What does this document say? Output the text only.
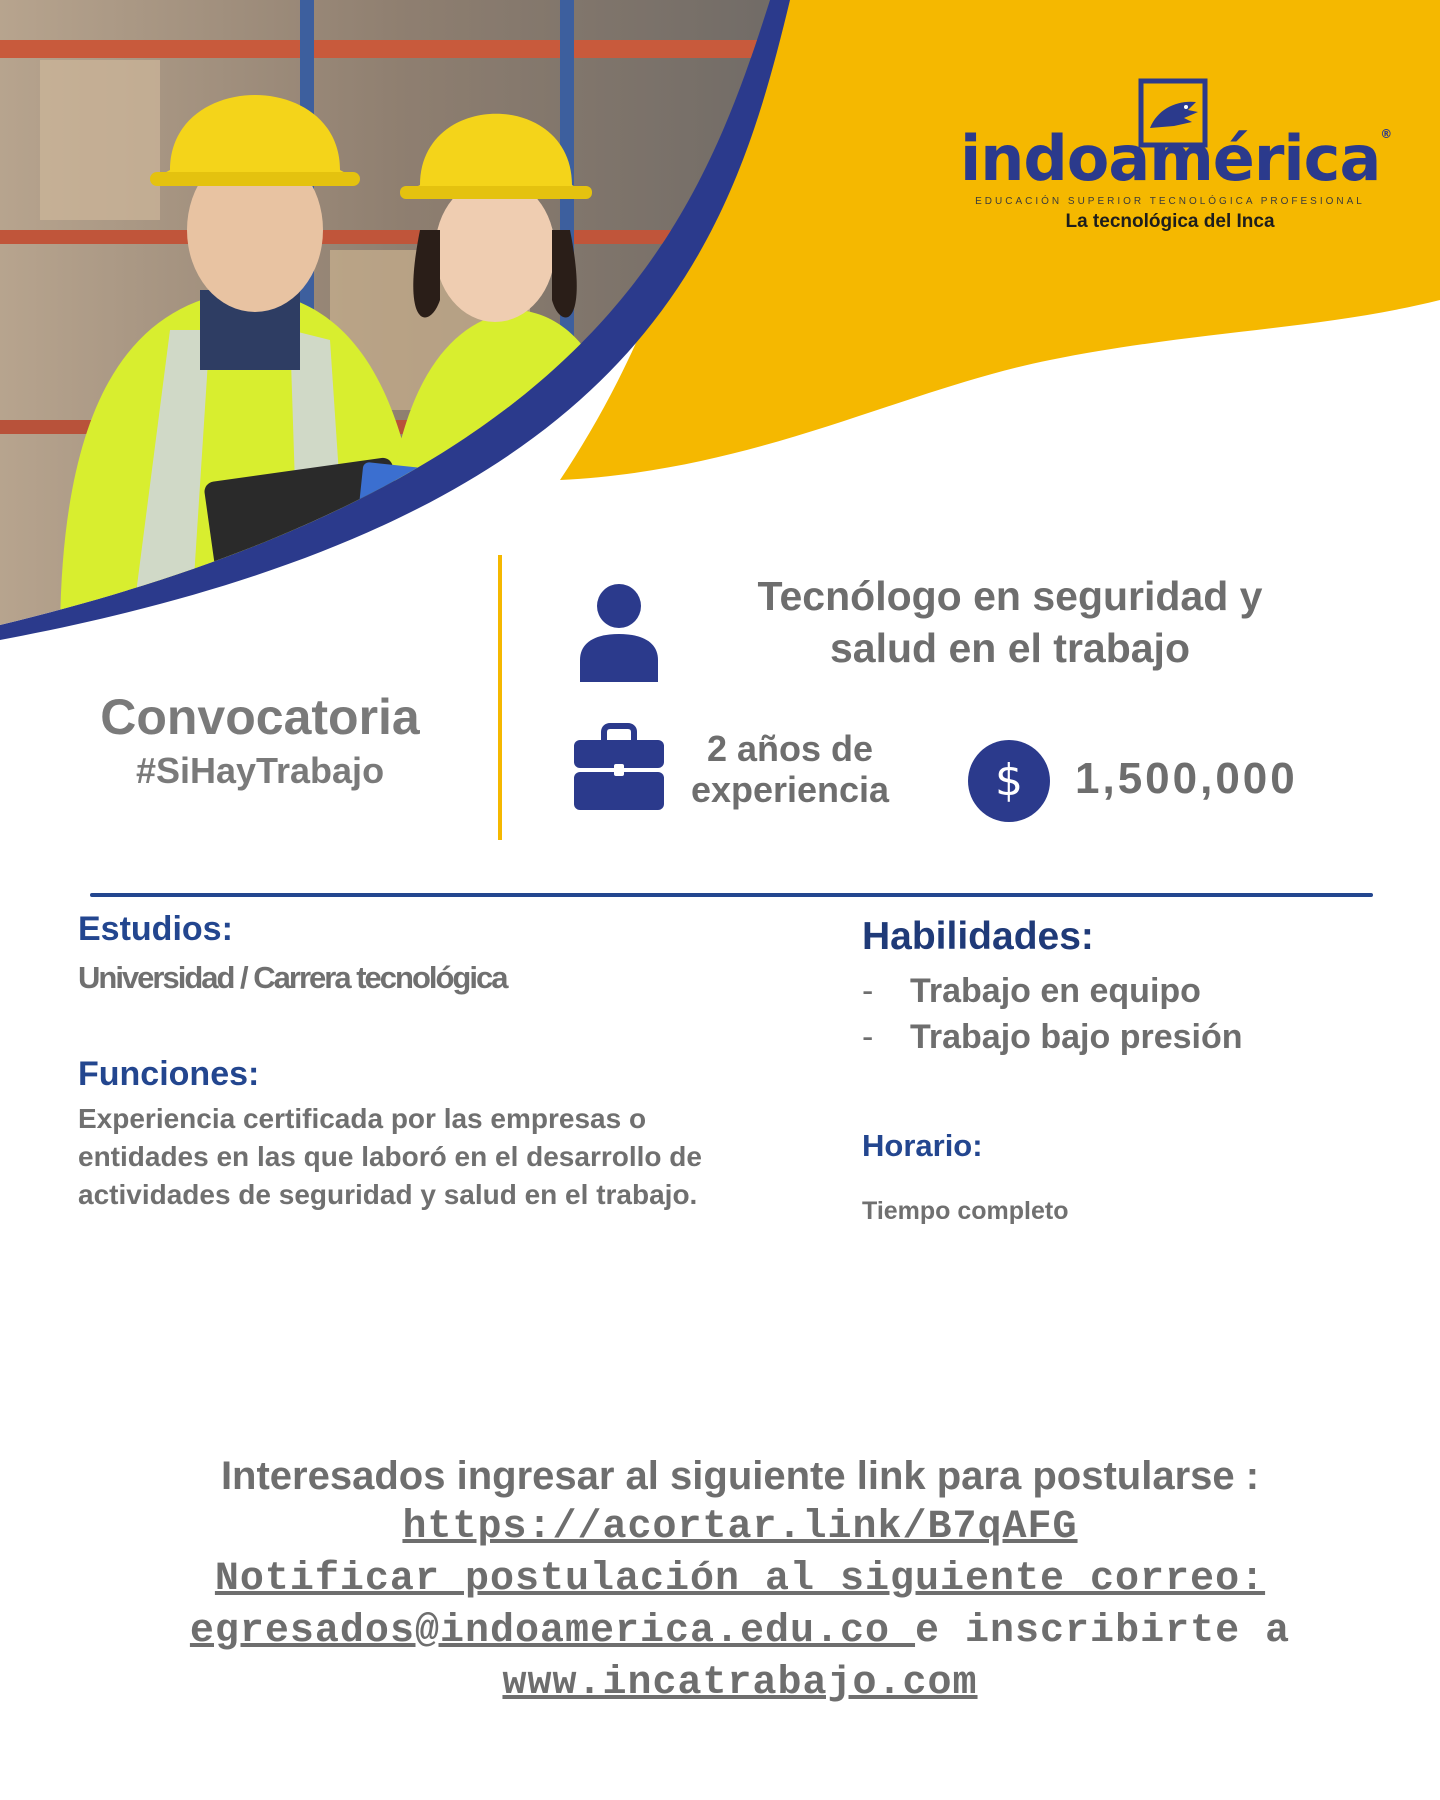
indoamérica®
EDUCACIÓN SUPERIOR TECNOLÓGICA PROFESIONAL
La tecnológica del Inca
Convocatoria
#SiHayTrabajo
Tecnólogo en seguridad y
salud en el trabajo
2 años de
experiencia	$	1,500,000
Estudios:
Universidad / Carrera tecnológica
Funciones:
Experiencia certificada por las empresas o entidades en las que laboró en el desarrollo de actividades de seguridad y salud en el trabajo.
Habilidades:
- Trabajo en equipo
- Trabajo bajo presión
Horario:
Tiempo completo
Interesados ingresar al siguiente link para postularse :
https://acortar.link/B7qAFG
Notificar postulación al siguiente correo:
egresados@indoamerica.edu.co e inscribirte a
www.incatrabajo.com
